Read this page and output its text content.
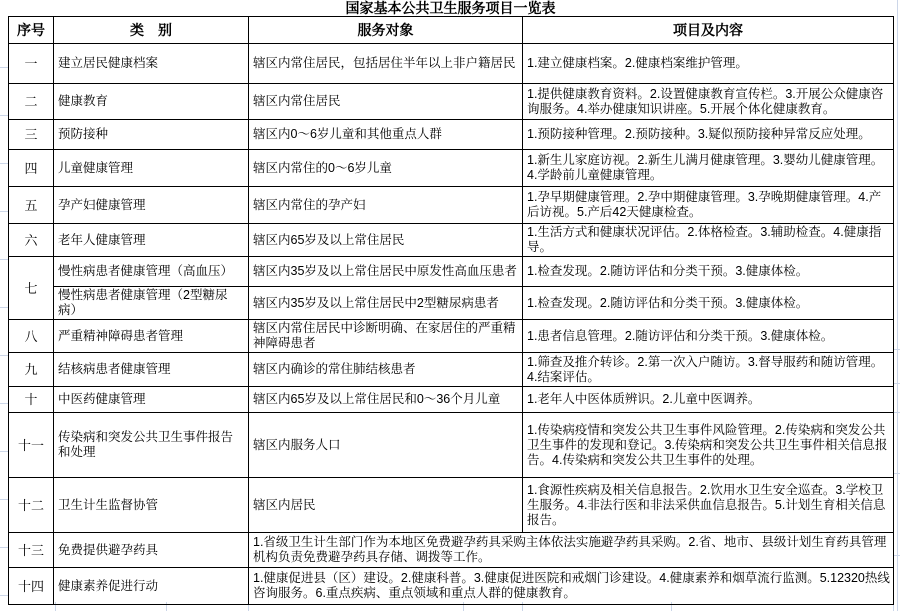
国家基本公共卫生服务项目一览表
序号	类　别	服务对象	项目及内容
一	建立居民健康档案	辖区内常住居民，包括居住半年以上非户籍居民	1.建立健康档案。2.健康档案维护管理。
二	健康教育	辖区内常住居民	1.提供健康教育资料。2.设置健康教育宣传栏。3.开展公众健康咨询服务。4.举办健康知识讲座。5.开展个体化健康教育。
三	预防接种	辖区内0～6岁儿童和其他重点人群	1.预防接种管理。2.预防接种。3.疑似预防接种异常反应处理。
四	儿童健康管理	辖区内常住的0～6岁儿童	1.新生儿家庭访视。2.新生儿满月健康管理。3.婴幼儿健康管理。4.学龄前儿童健康管理。
五	孕产妇健康管理	辖区内常住的孕产妇	1.孕早期健康管理。2.孕中期健康管理。3.孕晚期健康管理。4.产后访视。5.产后42天健康检查。
六	老年人健康管理	辖区内65岁及以上常住居民	1.生活方式和健康状况评估。2.体格检查。3.辅助检查。4.健康指导。
七	慢性病患者健康管理（高血压）	辖区内35岁及以上常住居民中原发性高血压患者	1.检查发现。2.随访评估和分类干预。3.健康体检。
	慢性病患者健康管理（2型糖尿病）	辖区内35岁及以上常住居民中2型糖尿病患者	1.检查发现。2.随访评估和分类干预。3.健康体检。
八	严重精神障碍患者管理	辖区内常住居民中诊断明确、在家居住的严重精神障碍患者	1.患者信息管理。2.随访评估和分类干预。3.健康体检。
九	结核病患者健康管理	辖区内确诊的常住肺结核患者	1.筛查及推介转诊。2.第一次入户随访。3.督导服药和随访管理。4.结案评估。
十	中医药健康管理	辖区内65岁及以上常住居民和0～36个月儿童	1.老年人中医体质辨识。2.儿童中医调养。
十一	传染病和突发公共卫生事件报告和处理	辖区内服务人口	1.传染病疫情和突发公共卫生事件风险管理。2.传染病和突发公共卫生事件的发现和登记。3.传染病和突发公共卫生事件相关信息报告。4.传染病和突发公共卫生事件的处理。
十二	卫生计生监督协管	辖区内居民	1.食源性疾病及相关信息报告。2.饮用水卫生安全巡查。3.学校卫生服务。4.非法行医和非法采供血信息报告。5.计划生育相关信息报告。
十三	免费提供避孕药具	1.省级卫生计生部门作为本地区免费避孕药具采购主体依法实施避孕药具采购。2.省、地市、县级计划生育药具管理机构负责免费避孕药具存储、调拨等工作。	
十四	健康素养促进行动	1.健康促进县（区）建设。2.健康科普。3.健康促进医院和戒烟门诊建设。4.健康素养和烟草流行监测。5.12320热线咨询服务。6.重点疾病、重点领域和重点人群的健康教育。	
